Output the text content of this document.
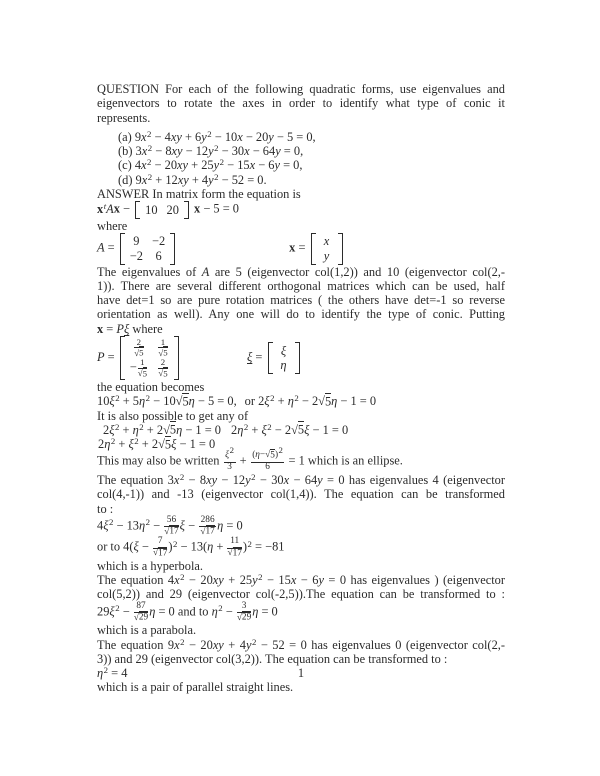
QUESTION For each of the following quadratic forms, use eigenvalues and
eigenvectors to rotate the axes in order to identify what type of conic it
represents.
(a) $9x^2 - 4xy + 6y^2 - 10x - 20y - 5 = 0$,
(b) $3x^2 - 8xy - 12y^2 - 30x - 64y = 0$,
(c) $4x^2 - 20xy + 25y^2 - 15x - 6y = 0$,
(d) $9x^2 + 12xy + 4y^2 - 52 = 0$.
ANSWER In matrix form the equation is
$x^tAx - 10$ 20 x − 5 = 0
where
A = 9 −2
−2 6
x = x
y
The eigenvalues of A are 5 (eigenvector col(1,2)) and 10 (eigenvector col(2,-
1)). There are several different orthogonal matrices which can be used, half
have det=1 so are pure rotation matrices ( the others have det=-1 so reverse
orientation as well). Any one will do to identify the type of conic. Putting
x = Pξ where
$P = \frac{2}{√5} \frac{1}{√5}$
− $\frac{1}{√5} \frac{2}{√5}$
ξ = ξ
η
the equation becomes
$10\xi^2 + 5\eta^2 - 10√5\eta - 5 = 0$, or $2\xi^2 + \eta^2 - 2√5\eta - 1 = 0$
It is also possible to get any of
$2\xi^2 + \eta^2 + 2√5\eta - 1 = 0$ $2\eta^2 + \xi^2 - 2√5\xi - 1 = 0$
$2\eta^2 + \xi^2 + 2√5\xi - 1 = 0$
This may also be written $\frac{\xi^2}{3} + \frac{(\eta-√5)^2}{6} = 1$ which is an ellipse.
The equation $3x^2 - 8xy - 12y^2 - 30x - 64y = 0$ has eigenvalues 4 (eigenvector
col(4,-1)) and -13 (eigenvector col(1,4)). The equation can be transformed
to :
$4\xi^2 - 13\eta^2 - \frac{56}{√17}$ $\xi - \frac{286}{√17}$ η = 0
or to $4(\xi - \frac{7}{√17} )^2 - 13(\eta + \frac{11}{√17} )^2 = -81$
which is a hyperbola.
The equation $4x^2 - 20xy + 25y^2 - 15x - 6y = 0$ has eigenvalues ) (eigenvector
col(5,2)) and 29 (eigenvector col(-2,5)).The equation can be transformed to :
$29\xi^2 - \frac{87}{√29}$ η = 0 and to $\eta^2 - \frac{3}{√29}$ η = 0
which is a parabola.
The equation $9x^2 - 20xy + 4y^2 - 52 = 0$ has eigenvalues 0 (eigenvector col(2,-
3)) and 29 (eigenvector col(3,2)). The equation can be transformed to :
$\eta^2 = 4$
which is a pair of parallel straight lines.
1
